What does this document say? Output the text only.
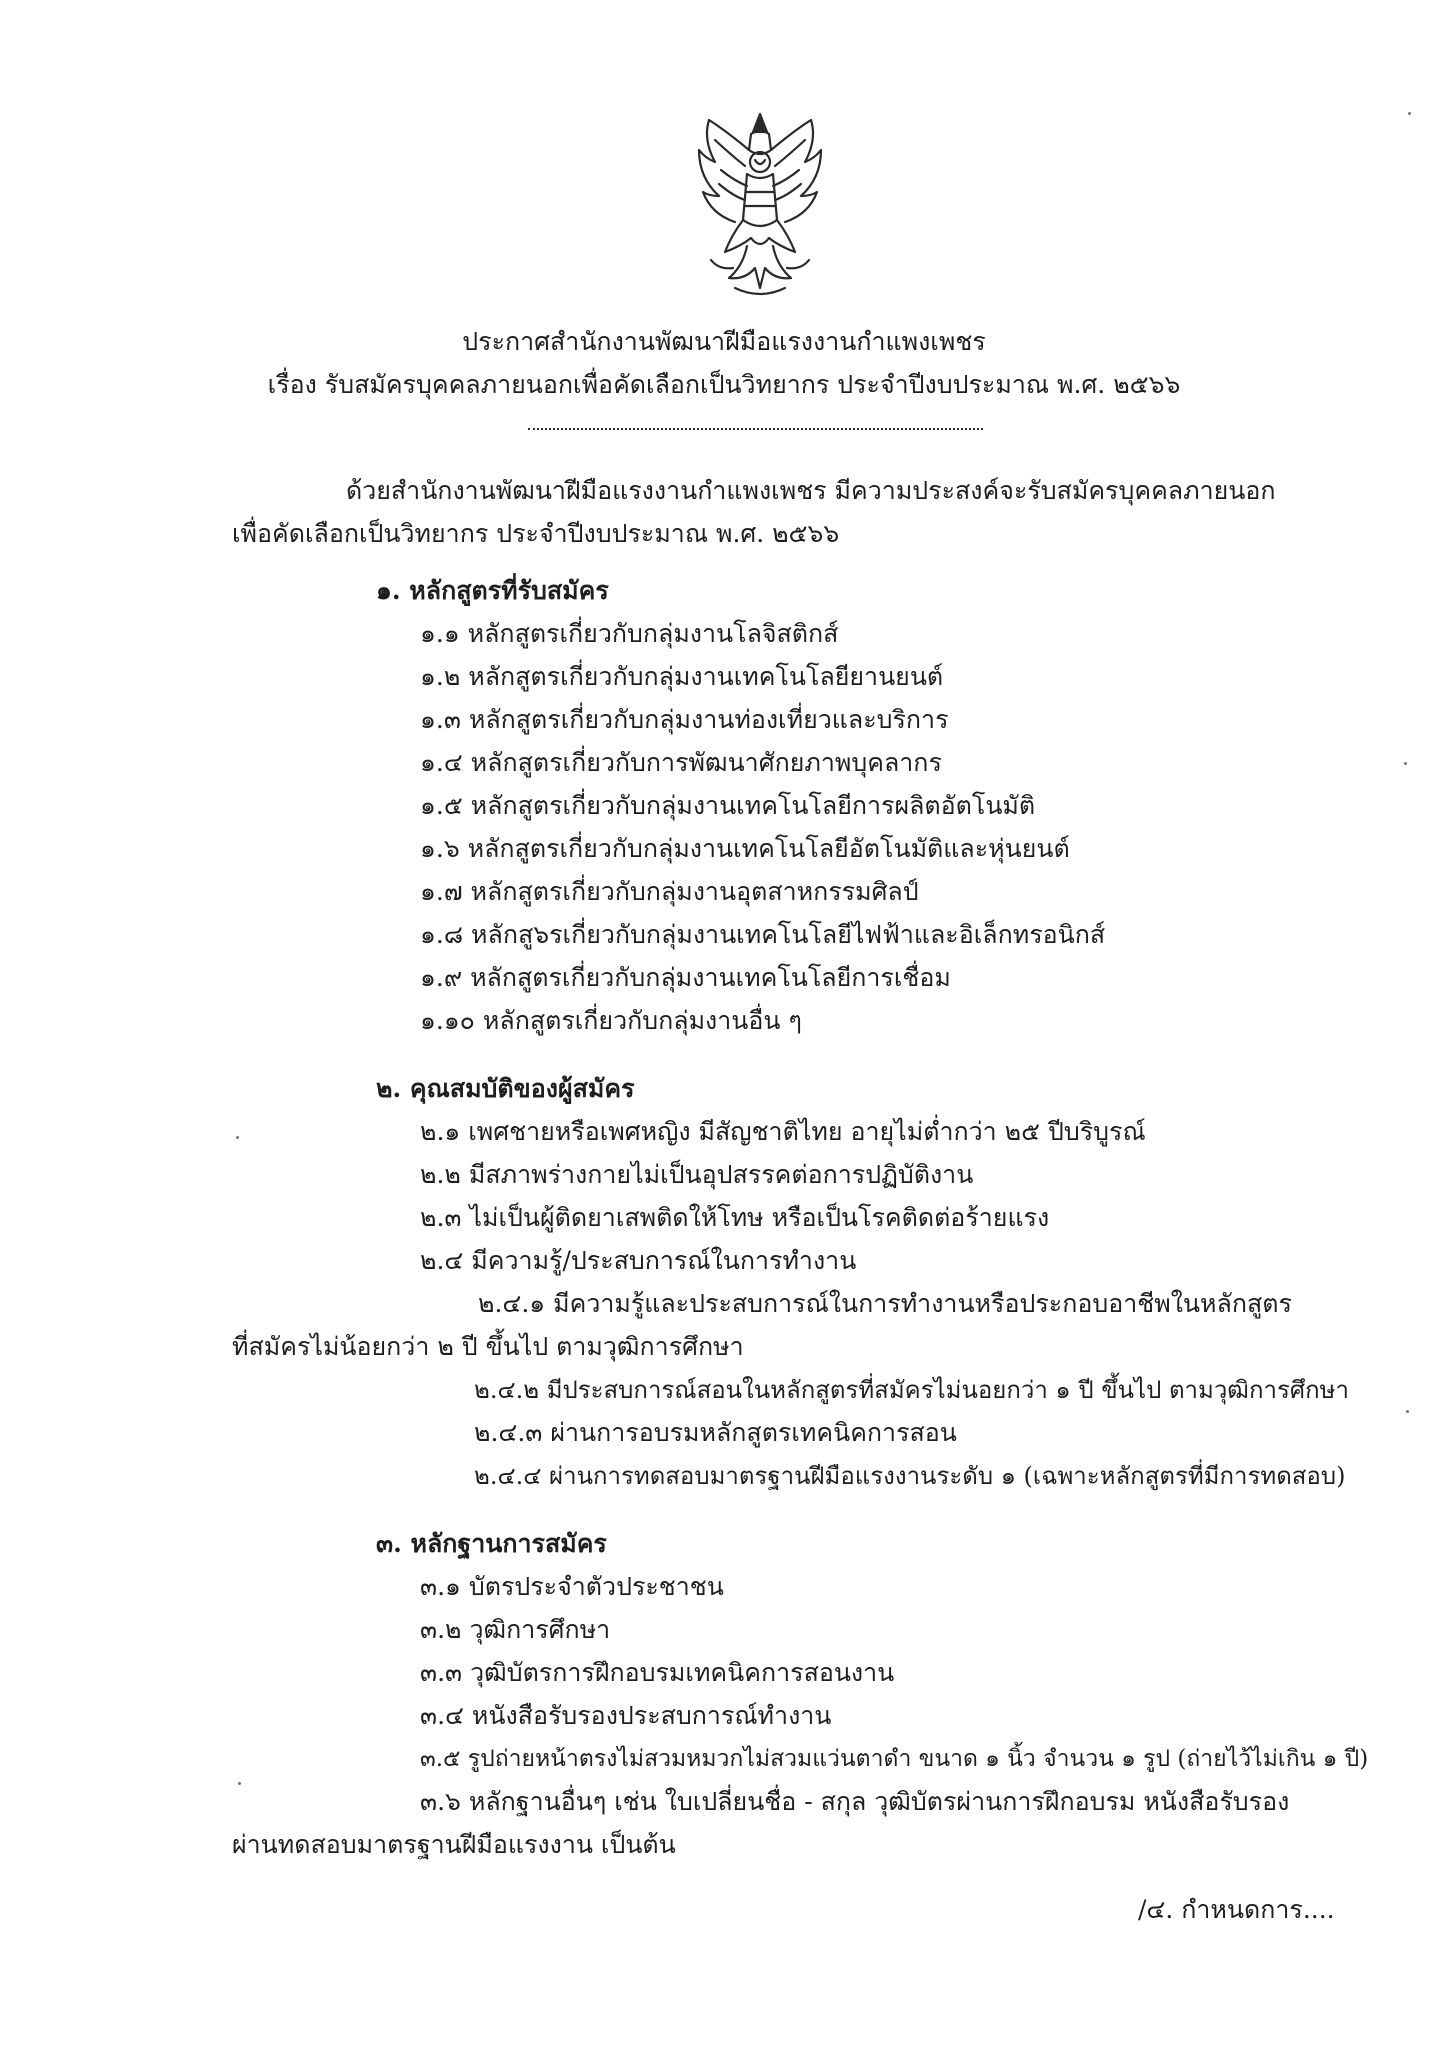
ประกาศสำนักงานพัฒนาฝีมือแรงงานกำแพงเพชร
เรื่อง รับสมัครบุคคลภายนอกเพื่อคัดเลือกเป็นวิทยากร ประจำปีงบประมาณ พ.ศ. ๒๕๖๖
ด้วยสำนักงานพัฒนาฝีมือแรงงานกำแพงเพชร มีความประสงค์จะรับสมัครบุคคลภายนอก
เพื่อคัดเลือกเป็นวิทยากร ประจำปีงบประมาณ พ.ศ. ๒๕๖๖
๑. หลักสูตรที่รับสมัคร
๑.๑ หลักสูตรเกี่ยวกับกลุ่มงานโลจิสติกส์
๑.๒ หลักสูตรเกี่ยวกับกลุ่มงานเทคโนโลยียานยนต์
๑.๓ หลักสูตรเกี่ยวกับกลุ่มงานท่องเที่ยวและบริการ
๑.๔ หลักสูตรเกี่ยวกับการพัฒนาศักยภาพบุคลากร
๑.๕ หลักสูตรเกี่ยวกับกลุ่มงานเทคโนโลยีการผลิตอัตโนมัติ
๑.๖ หลักสูตรเกี่ยวกับกลุ่มงานเทคโนโลยีอัตโนมัติและหุ่นยนต์
๑.๗ หลักสูตรเกี่ยวกับกลุ่มงานอุตสาหกรรมศิลป์
๑.๘ หลักสู๖รเกี่ยวกับกลุ่มงานเทคโนโลยีไฟฟ้าและอิเล็กทรอนิกส์
๑.๙ หลักสูตรเกี่ยวกับกลุ่มงานเทคโนโลยีการเชื่อม
๑.๑๐ หลักสูตรเกี่ยวกับกลุ่มงานอื่น ๆ
๒. คุณสมบัติของผู้สมัคร
๒.๑ เพศชายหรือเพศหญิง มีสัญชาติไทย อายุไม่ต่ำกว่า ๒๕ ปีบริบูรณ์
๒.๒ มีสภาพร่างกายไม่เป็นอุปสรรคต่อการปฏิบัติงาน
๒.๓ ไม่เป็นผู้ติดยาเสพติดให้โทษ หรือเป็นโรคติดต่อร้ายแรง
๒.๔ มีความรู้/ประสบการณ์ในการทำงาน
๒.๔.๑ มีความรู้และประสบการณ์ในการทำงานหรือประกอบอาชีพในหลักสูตร
ที่สมัครไม่น้อยกว่า ๒ ปี ขึ้นไป ตามวุฒิการศึกษา
๒.๔.๒ มีประสบการณ์สอนในหลักสูตรที่สมัครไม่นอยกว่า ๑ ปี ขึ้นไป ตามวุฒิการศึกษา
๒.๔.๓ ผ่านการอบรมหลักสูตรเทคนิคการสอน
๒.๔.๔ ผ่านการทดสอบมาตรฐานฝีมือแรงงานระดับ ๑ (เฉพาะหลักสูตรที่มีการทดสอบ)
๓. หลักฐานการสมัคร
๓.๑ บัตรประจำตัวประชาชน
๓.๒ วุฒิการศึกษา
๓.๓ วุฒิบัตรการฝึกอบรมเทคนิคการสอนงาน
๓.๔ หนังสือรับรองประสบการณ์ทำงาน
๓.๕ รูปถ่ายหน้าตรงไม่สวมหมวกไม่สวมแว่นตาดำ ขนาด ๑ นิ้ว จำนวน ๑ รูป (ถ่ายไว้ไม่เกิน ๑ ปี)
๓.๖ หลักฐานอื่นๆ เช่น ใบเปลี่ยนชื่อ - สกุล วุฒิบัตรผ่านการฝึกอบรม หนังสือรับรอง
ผ่านทดสอบมาตรฐานฝีมือแรงงาน เป็นต้น
/๔. กำหนดการ....
